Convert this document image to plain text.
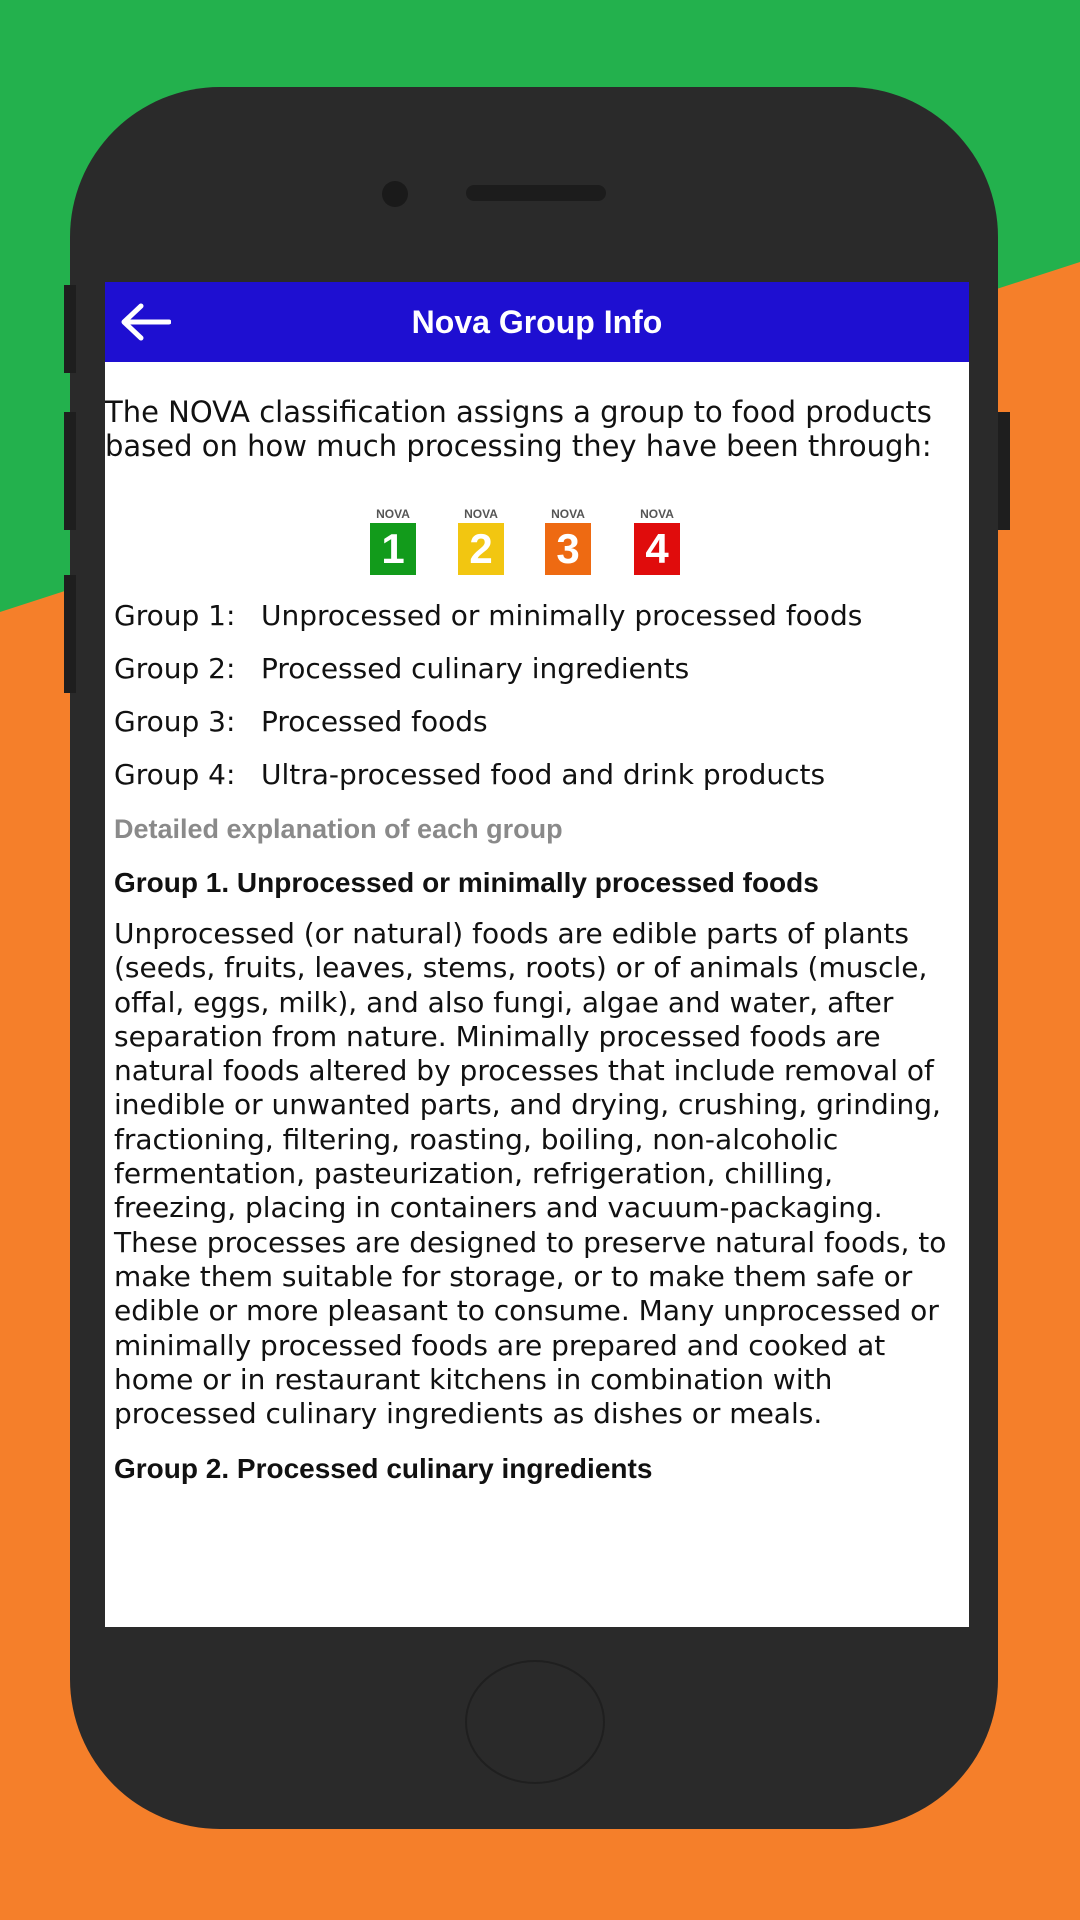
Nova Group Info

The NOVA classification assigns a group to food products based on how much processing they have been through:

NOVA
1
NOVA
2
NOVA
3
NOVA
4
Group 1: Unprocessed or minimally processed foods
Group 2: Processed culinary ingredients
Group 3: Processed foods
Group 4: Ultra-processed food and drink products
Detailed explanation of each group
Group 1. Unprocessed or minimally processed foods

Unprocessed (or natural) foods are edible parts of plants (seeds, fruits, leaves, stems, roots) or of animals (muscle, offal, eggs, milk), and also fungi, algae and water, after separation from nature. Minimally processed foods are natural foods altered by processes that include removal of inedible or unwanted parts, and drying, crushing, grinding, fractioning, filtering, roasting, boiling, non-alcoholic fermentation, pasteurization, refrigeration, chilling, freezing, placing in containers and vacuum-packaging. These processes are designed to preserve natural foods, to make them suitable for storage, or to make them safe or edible or more pleasant to consume. Many unprocessed or minimally processed foods are prepared and cooked at home or in restaurant kitchens in combination with processed culinary ingredients as dishes or meals.

Group 2. Processed culinary ingredients
